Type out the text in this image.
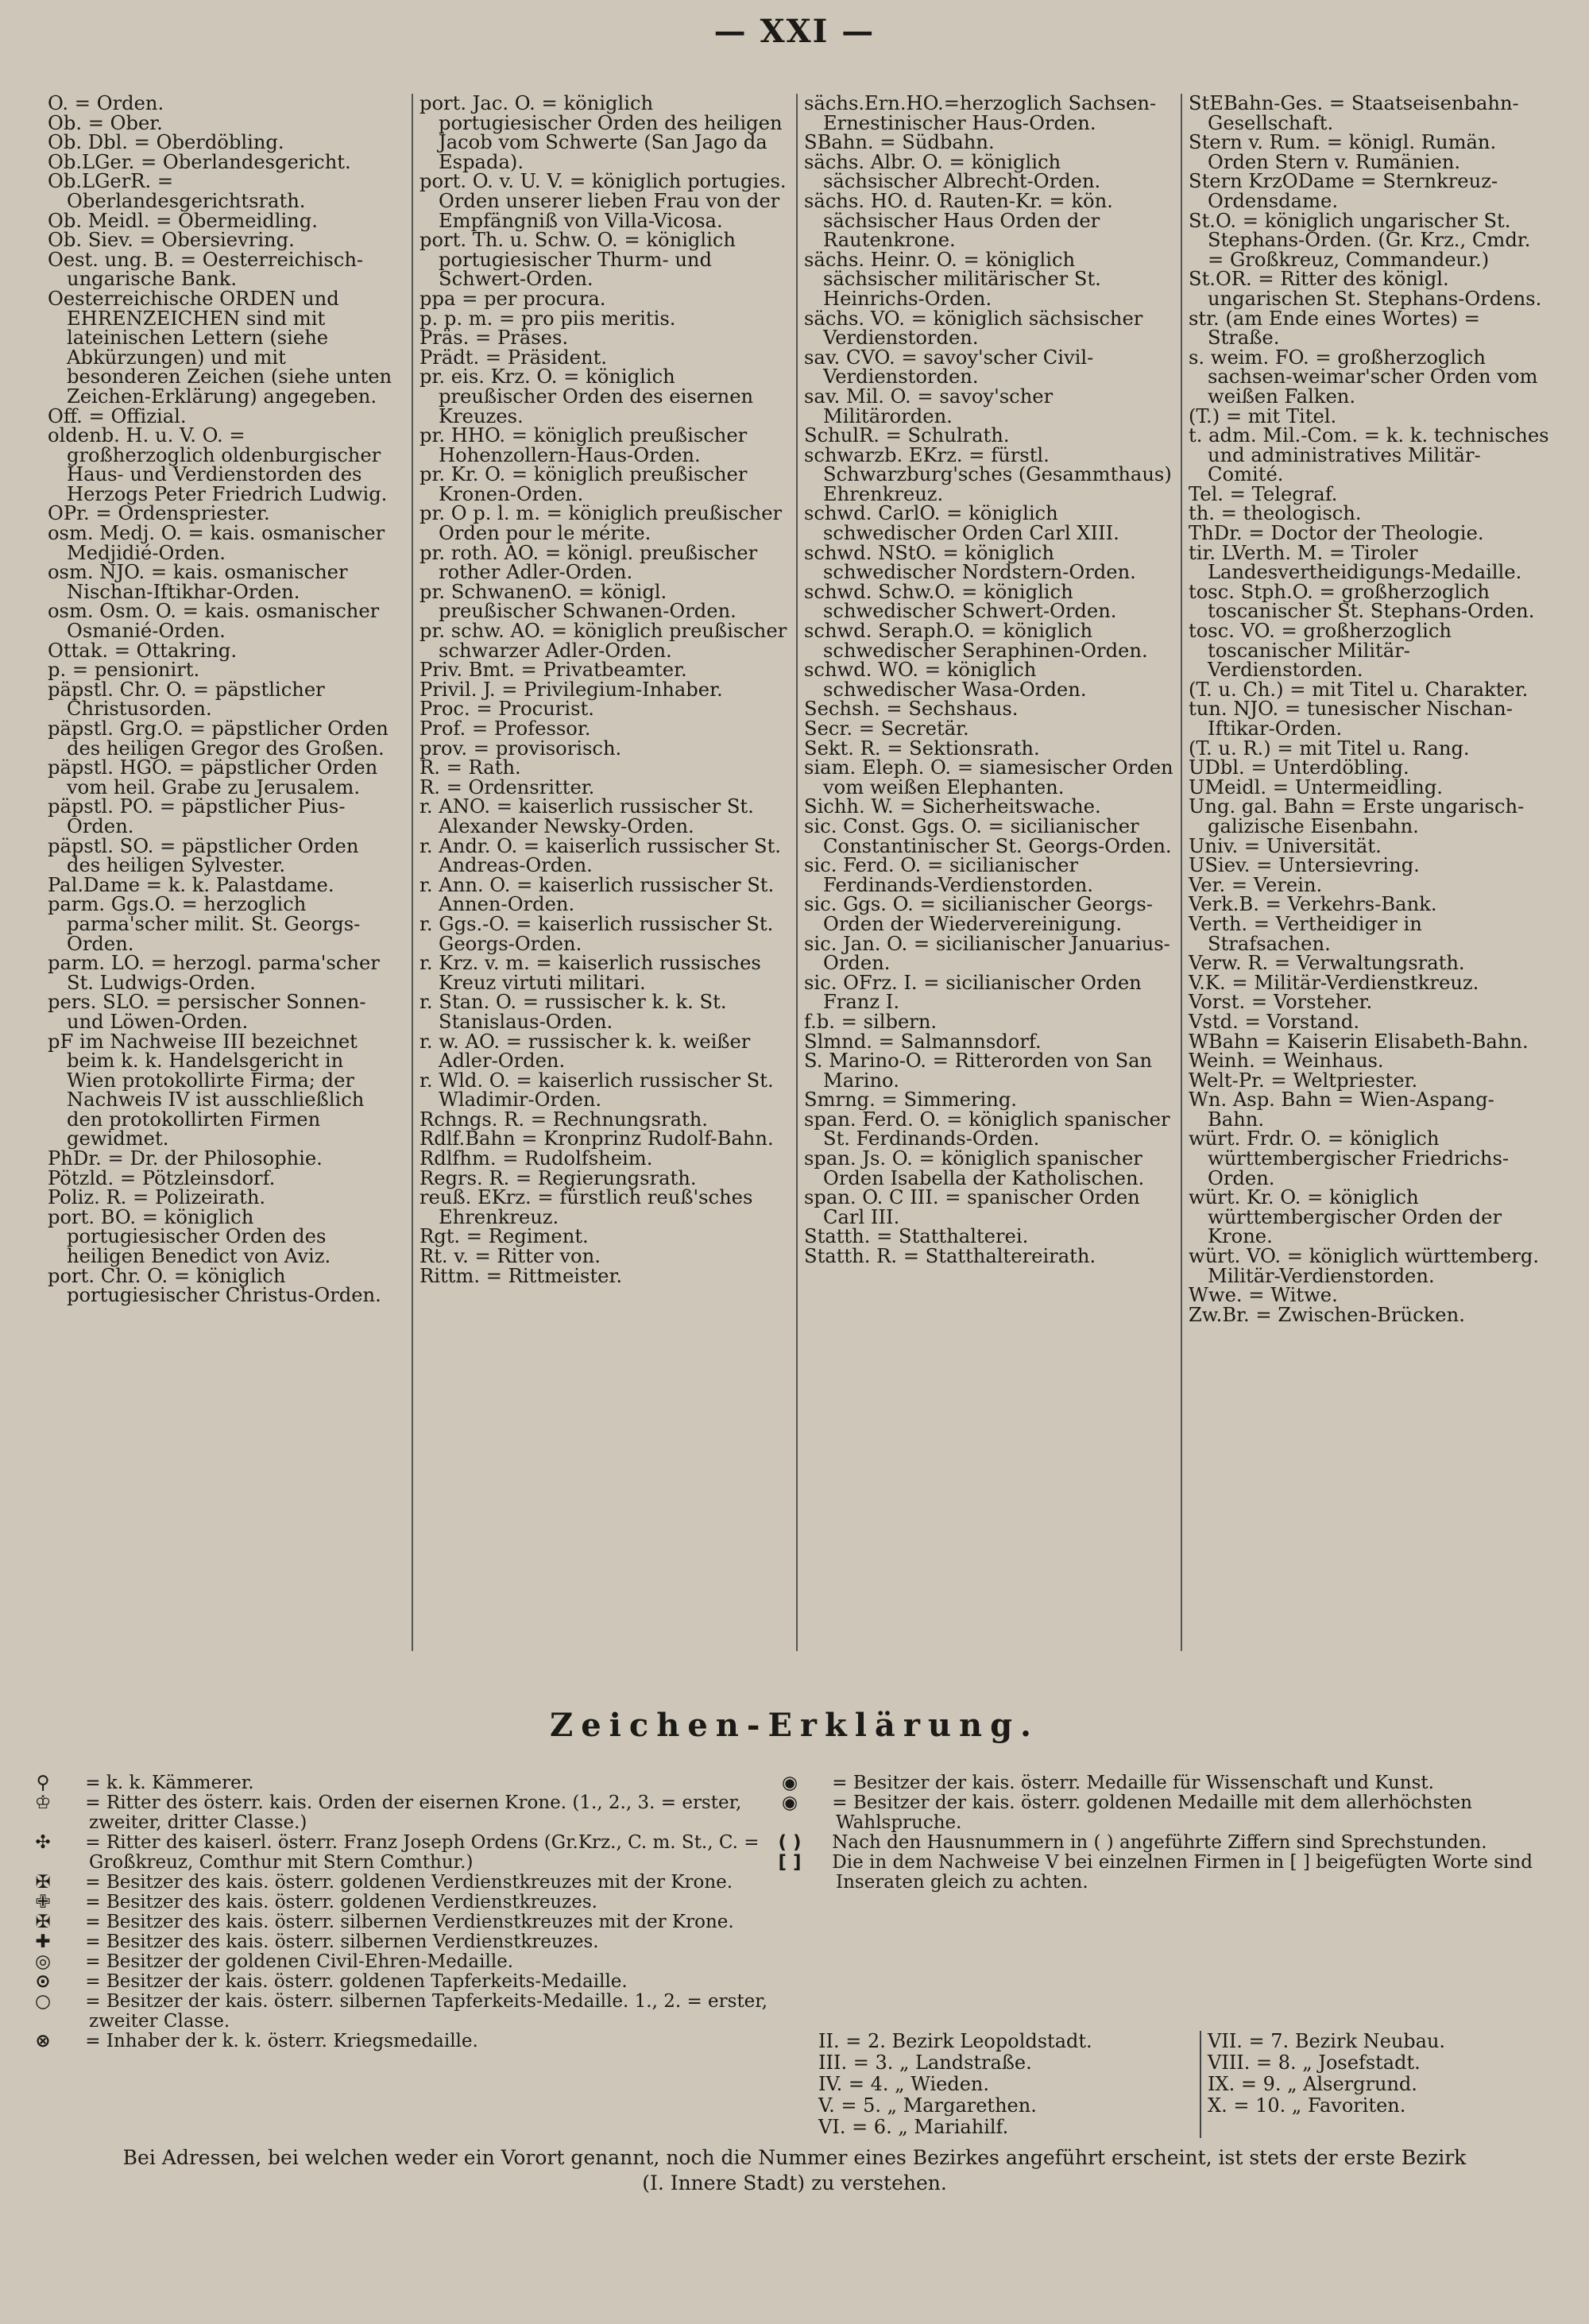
— XXI —

O. = Orden.

Ob. = Ober.

Ob. Dbl. = Oberdöbling.

Ob.LGer. = Oberlandesgericht.

Ob.LGerR. = Oberlandesgerichtsrath.

Ob. Meidl. = Obermeidling.

Ob. Siev. = Obersievring.

Oest. ung. B. = Oesterreichisch-ungarische Bank.

Oesterreichische ORDEN und EHRENZEICHEN sind mit lateinischen Lettern (siehe Abkürzungen) und mit besonderen Zeichen (siehe unten Zeichen-Erklärung) angegeben.

Off. = Offizial.

oldenb. H. u. V. O. = großherzoglich oldenburgischer Haus- und Verdienstorden des Herzogs Peter Friedrich Ludwig.

OPr. = Ordenspriester.

osm. Medj. O. = kais. osmanischer Medjidié-Orden.

osm. NJO. = kais. osmanischer Nischan-Iftikhar-Orden.

osm. Osm. O. = kais. osmanischer Osmanié-Orden.

Ottak. = Ottakring.

p. = pensionirt.

päpstl. Chr. O. = päpstlicher Christusorden.

päpstl. Grg.O. = päpstlicher Orden des heiligen Gregor des Großen.

päpstl. HGO. = päpstlicher Orden vom heil. Grabe zu Jerusalem.

päpstl. PO. = päpstlicher Pius-Orden.

päpstl. SO. = päpstlicher Orden des heiligen Sylvester.

Pal.Dame = k. k. Palastdame.

parm. Ggs.O. = herzoglich parma'scher milit. St. Georgs-Orden.

parm. LO. = herzogl. parma'scher St. Ludwigs-Orden.

pers. SLO. = persischer Sonnen- und Löwen-Orden.

pF im Nachweise III bezeichnet beim k. k. Handelsgericht in Wien protokollirte Firma; der Nachweis IV ist ausschließlich den protokollirten Firmen gewidmet.

PhDr. = Dr. der Philosophie.

Pötzld. = Pötzleinsdorf.

Poliz. R. = Polizeirath.

port. BO. = königlich portugiesischer Orden des heiligen Benedict von Aviz.

port. Chr. O. = königlich portugiesischer Christus-Orden.

port. Jac. O. = königlich portugiesischer Orden des heiligen Jacob vom Schwerte (San Jago da Espada).

port. O. v. U. V. = königlich portugies. Orden unserer lieben Frau von der Empfängniß von Villa-Vicosa.

port. Th. u. Schw. O. = königlich portugiesischer Thurm- und Schwert-Orden.

ppa = per procura.

p. p. m. = pro piis meritis.

Präs. = Präses.

Prädt. = Präsident.

pr. eis. Krz. O. = königlich preußischer Orden des eisernen Kreuzes.

pr. HHO. = königlich preußischer Hohenzollern-Haus-Orden.

pr. Kr. O. = königlich preußischer Kronen-Orden.

pr. O p. l. m. = königlich preußischer Orden pour le mérite.

pr. roth. AO. = königl. preußischer rother Adler-Orden.

pr. SchwanenO. = königl. preußischer Schwanen-Orden.

pr. schw. AO. = königlich preußischer schwarzer Adler-Orden.

Priv. Bmt. = Privatbeamter.

Privil. J. = Privilegium-Inhaber.

Proc. = Procurist.

Prof. = Professor.

prov. = provisorisch.

R. = Rath.

R. = Ordensritter.

r. ANO. = kaiserlich russischer St. Alexander Newsky-Orden.

r. Andr. O. = kaiserlich russischer St. Andreas-Orden.

r. Ann. O. = kaiserlich russischer St. Annen-Orden.

r. Ggs.-O. = kaiserlich russischer St. Georgs-Orden.

r. Krz. v. m. = kaiserlich russisches Kreuz virtuti militari.

r. Stan. O. = russischer k. k. St. Stanislaus-Orden.

r. w. AO. = russischer k. k. weißer Adler-Orden.

r. Wld. O. = kaiserlich russischer St. Wladimir-Orden.

Rchngs. R. = Rechnungsrath.

Rdlf.Bahn = Kronprinz Rudolf-Bahn.

Rdlfhm. = Rudolfsheim.

Regrs. R. = Regierungsrath.

reuß. EKrz. = fürstlich reuß'sches Ehrenkreuz.

Rgt. = Regiment.

Rt. v. = Ritter von.

Rittm. = Rittmeister.

sächs.Ern.HO.=herzoglich Sachsen-Ernestinischer Haus-Orden.

SBahn. = Südbahn.

sächs. Albr. O. = königlich sächsischer Albrecht-Orden.

sächs. HO. d. Rauten-Kr. = kön. sächsischer Haus Orden der Rautenkrone.

sächs. Heinr. O. = königlich sächsischer militärischer St. Heinrichs-Orden.

sächs. VO. = königlich sächsischer Verdienstorden.

sav. CVO. = savoy'scher Civil-Verdienstorden.

sav. Mil. O. = savoy'scher Militärorden.

SchulR. = Schulrath.

schwarzb. EKrz. = fürstl. Schwarzburg'sches (Gesammthaus) Ehrenkreuz.

schwd. CarlO. = königlich schwedischer Orden Carl XIII.

schwd. NStO. = königlich schwedischer Nordstern-Orden.

schwd. Schw.O. = königlich schwedischer Schwert-Orden.

schwd. Seraph.O. = königlich schwedischer Seraphinen-Orden.

schwd. WO. = königlich schwedischer Wasa-Orden.

Sechsh. = Sechshaus.

Secr. = Secretär.

Sekt. R. = Sektionsrath.

siam. Eleph. O. = siamesischer Orden vom weißen Elephanten.

Sichh. W. = Sicherheitswache.

sic. Const. Ggs. O. = sicilianischer Constantinischer St. Georgs-Orden.

sic. Ferd. O. = sicilianischer Ferdinands-Verdienstorden.

sic. Ggs. O. = sicilianischer Georgs-Orden der Wiedervereinigung.

sic. Jan. O. = sicilianischer Januarius-Orden.

sic. OFrz. I. = sicilianischer Orden Franz I.

f.b. = silbern.

Slmnd. = Salmannsdorf.

S. Marino-O. = Ritterorden von San Marino.

Smrng. = Simmering.

span. Ferd. O. = königlich spanischer St. Ferdinands-Orden.

span. Js. O. = königlich spanischer Orden Isabella der Katholischen.

span. O. C III. = spanischer Orden Carl III.

Statth. = Statthalterei.

Statth. R. = Statthaltereirath.

StEBahn-Ges. = Staatseisenbahn-Gesellschaft.

Stern v. Rum. = königl. Rumän. Orden Stern v. Rumänien.

Stern KrzODame = Sternkreuz-Ordensdame.

St.O. = königlich ungarischer St. Stephans-Orden. (Gr. Krz., Cmdr. = Großkreuz, Commandeur.)

St.OR. = Ritter des königl. ungarischen St. Stephans-Ordens.

str. (am Ende eines Wortes) = Straße.

s. weim. FO. = großherzoglich sachsen-weimar'scher Orden vom weißen Falken.

(T.) = mit Titel.

t. adm. Mil.-Com. = k. k. technisches und administratives Militär-Comité.

Tel. = Telegraf.

th. = theologisch.

ThDr. = Doctor der Theologie.

tir. LVerth. M. = Tiroler Landesvertheidigungs-Medaille.

tosc. Stph.O. = großherzoglich toscanischer St. Stephans-Orden.

tosc. VO. = großherzoglich toscanischer Militär-Verdienstorden.

(T. u. Ch.) = mit Titel u. Charakter.

tun. NJO. = tunesischer Nischan-Iftikar-Orden.

(T. u. R.) = mit Titel u. Rang.

UDbl. = Unterdöbling.

UMeidl. = Untermeidling.

Ung. gal. Bahn = Erste ungarisch-galizische Eisenbahn.

Univ. = Universität.

USiev. = Untersievring.

Ver. = Verein.

Verk.B. = Verkehrs-Bank.

Verth. = Vertheidiger in Strafsachen.

Verw. R. = Verwaltungsrath.

V.K. = Militär-Verdienstkreuz.

Vorst. = Vorsteher.

Vstd. = Vorstand.

WBahn = Kaiserin Elisabeth-Bahn.

Weinh. = Weinhaus.

Welt-Pr. = Weltpriester.

Wn. Asp. Bahn = Wien-Aspang-Bahn.

würt. Frdr. O. = königlich württembergischer Friedrichs-Orden.

würt. Kr. O. = königlich württembergischer Orden der Krone.

würt. VO. = königlich württemberg. Militär-Verdienstorden.

Wwe. = Witwe.

Zw.Br. = Zwischen-Brücken.

Zeichen-Erklärung.

⚲ = k. k. Kämmerer.

♔ = Ritter des österr. kais. Orden der eisernen Krone. (1., 2., 3. = erster, zweiter, dritter Classe.)

✣ = Ritter des kaiserl. österr. Franz Joseph Ordens (Gr.Krz., C. m. St., C. = Großkreuz, Comthur mit Stern Comthur.)

✠ = Besitzer des kais. österr. goldenen Verdienstkreuzes mit der Krone.

✙ = Besitzer des kais. österr. goldenen Verdienstkreuzes.

✠ = Besitzer des kais. österr. silbernen Verdienstkreuzes mit der Krone.

✚ = Besitzer des kais. österr. silbernen Verdienstkreuzes.

◎ = Besitzer der goldenen Civil-Ehren-Medaille.

⊙ = Besitzer der kais. österr. goldenen Tapferkeits-Medaille.

○ = Besitzer der kais. österr. silbernen Tapferkeits-Medaille. 1., 2. = erster, zweiter Classe.

⊗ = Inhaber der k. k. österr. Kriegsmedaille.

◉ = Besitzer der kais. österr. Medaille für Wissenschaft und Kunst.

◉ = Besitzer der kais. österr. goldenen Medaille mit dem allerhöchsten Wahlspruche.

( ) Nach den Hausnummern in ( ) angeführte Ziffern sind Sprechstunden.

[ ] Die in dem Nachweise V bei einzelnen Firmen in [ ] beigefügten Worte sind Inseraten gleich zu achten.

II. = 2. Bezirk Leopoldstadt.
III. = 3. „ Landstraße.
IV. = 4. „ Wieden.
V. = 5. „ Margarethen.
VI. = 6. „ Mariahilf.
VII. = 7. Bezirk Neubau.
VIII. = 8. „ Josefstadt.
IX. = 9. „ Alsergrund.
X. = 10. „ Favoriten.
Bei Adressen, bei welchen weder ein Vorort genannt, noch die Nummer eines Bezirkes angeführt erscheint, ist stets der erste Bezirk
(I. Innere Stadt) zu verstehen.
